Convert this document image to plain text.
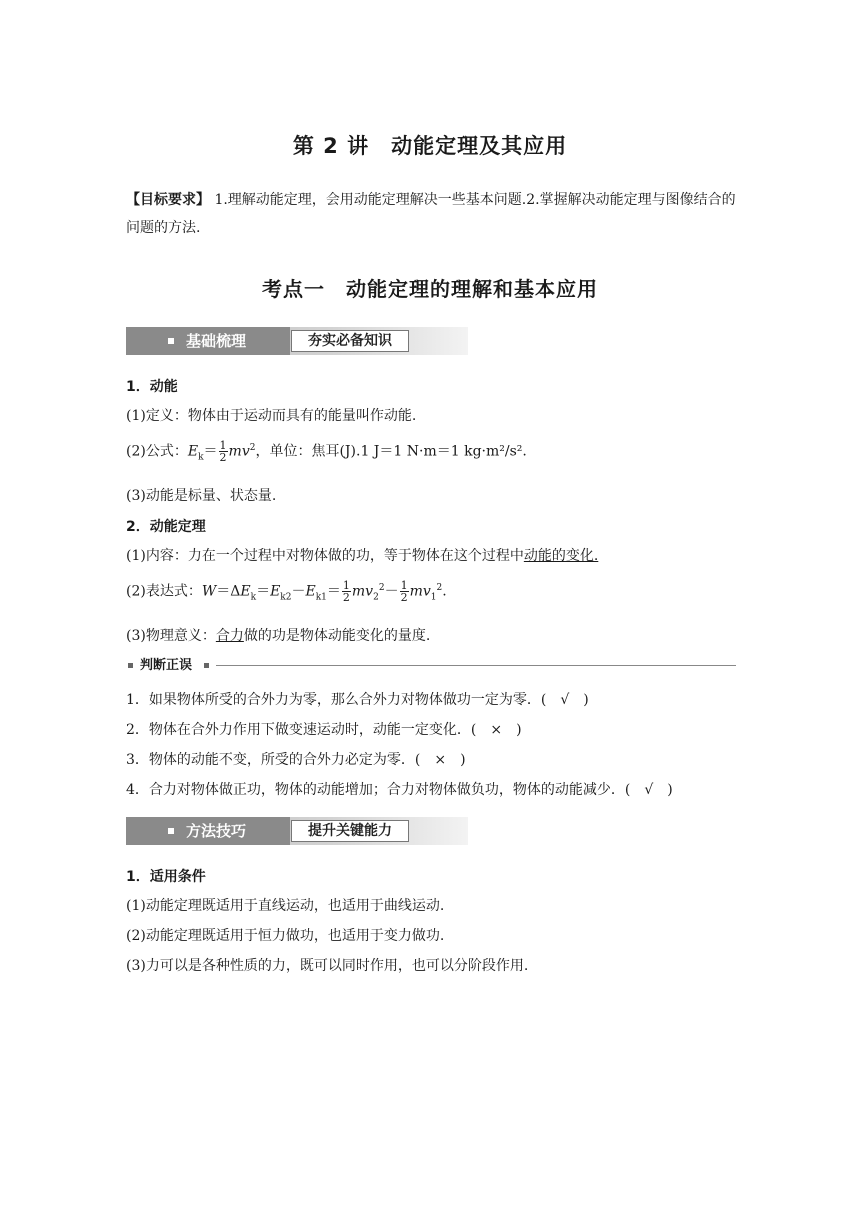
第 2 讲　动能定理及其应用
【目标要求】 1.理解动能定理，会用动能定理解决一些基本问题.2.掌握解决动能定理与图像结合的问题的方法.
考点一　动能定理的理解和基本应用
基础梳理	夯实必备知识
1．动能
(1)定义：物体由于运动而具有的能量叫作动能.
(2)公式：$E_k= \frac{1}{2} mv^2$，单位：焦耳(J).1 J＝1 N·m＝1 kg·m²/s².
(3)动能是标量、状态量.
2．动能定理
(1)内容：力在一个过程中对物体做的功，等于物体在这个过程中动能的变化.
(2)表达式：$W=\Delta E_k=E_{k2}-E_{k1}= \frac{1}{2} mv_2^2- \frac{1}{2} mv_1^2$.
(3)物理意义：合力做的功是物体动能变化的量度.
判断正误
1．如果物体所受的合外力为零，那么合外力对物体做功一定为零．(　√　)
2．物体在合外力作用下做变速运动时，动能一定变化．(　×　)
3．物体的动能不变，所受的合外力必定为零．(　×　)
4．合力对物体做正功，物体的动能增加；合力对物体做负功，物体的动能减少．(　√　)
方法技巧	提升关键能力
1．适用条件
(1)动能定理既适用于直线运动，也适用于曲线运动.
(2)动能定理既适用于恒力做功，也适用于变力做功.
(3)力可以是各种性质的力，既可以同时作用，也可以分阶段作用.
